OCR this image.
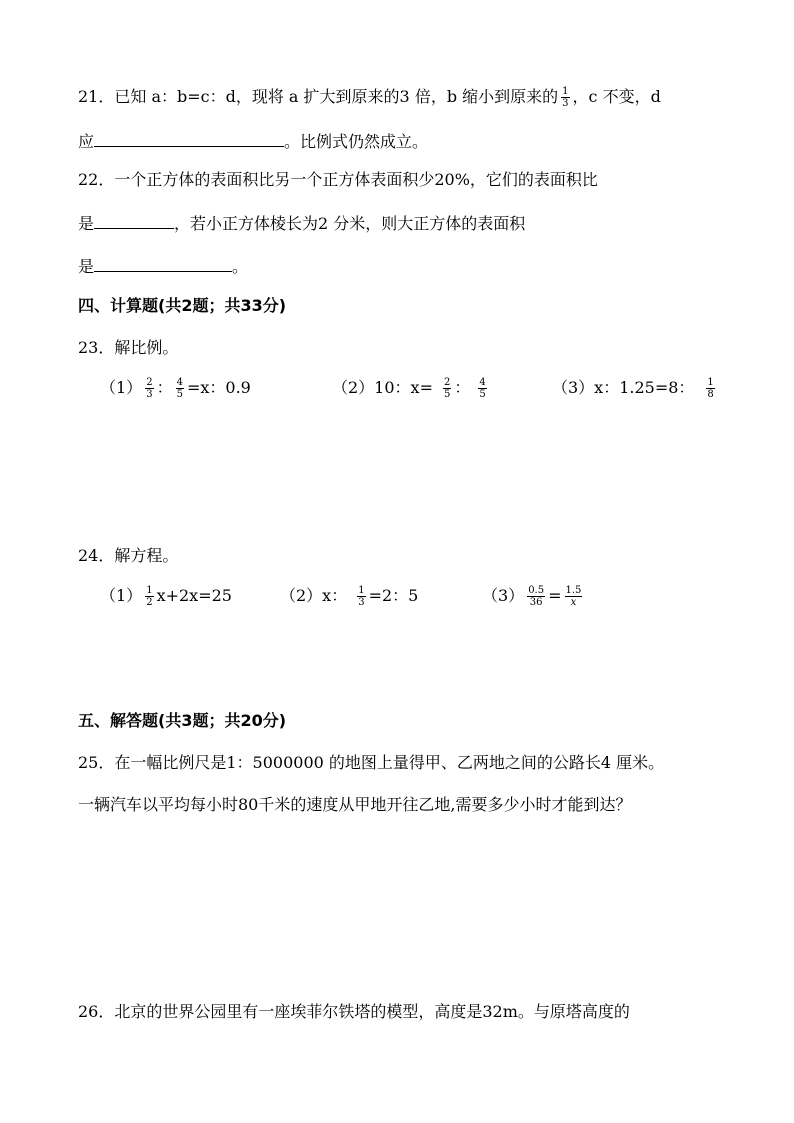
21．已知 a：b=c：d，现将 a 扩大到原来的3 倍，b 缩小到原来的 $\frac{1}{3}$ ，c 不变，d
应	。比例式仍然成立。
22．一个正方体的表面积比另一个正方体表面积少20%，它们的表面积比
是	，若小正方体棱长为2 分米，则大正方体的表面积
是	。
四、计算题(共2题；共33分)
23．解比例。
$(1) \frac{2}{3}$ ： $\frac{4}{5} =x$：0.9	（2）10：$x= \frac{2}{5}$ ： $\frac{4}{5}$	（3）x：1.25=8： $\frac{1}{8}$
24．解方程。
$(1) \frac{1}{2} x+2x=25$	（2）x： $\frac{1}{3} =2$：5	$(3) \frac{0.5}{36} = \frac{1.5}{x}$
五、解答题(共3题；共20分)
25．在一幅比例尺是1：5000000 的地图上量得甲、乙两地之间的公路长4 厘米。
一辆汽车以平均每小时80千米的速度从甲地开往乙地,需要多少小时才能到达？
26．北京的世界公园里有一座埃菲尔铁塔的模型，高度是32m。与原塔高度的
